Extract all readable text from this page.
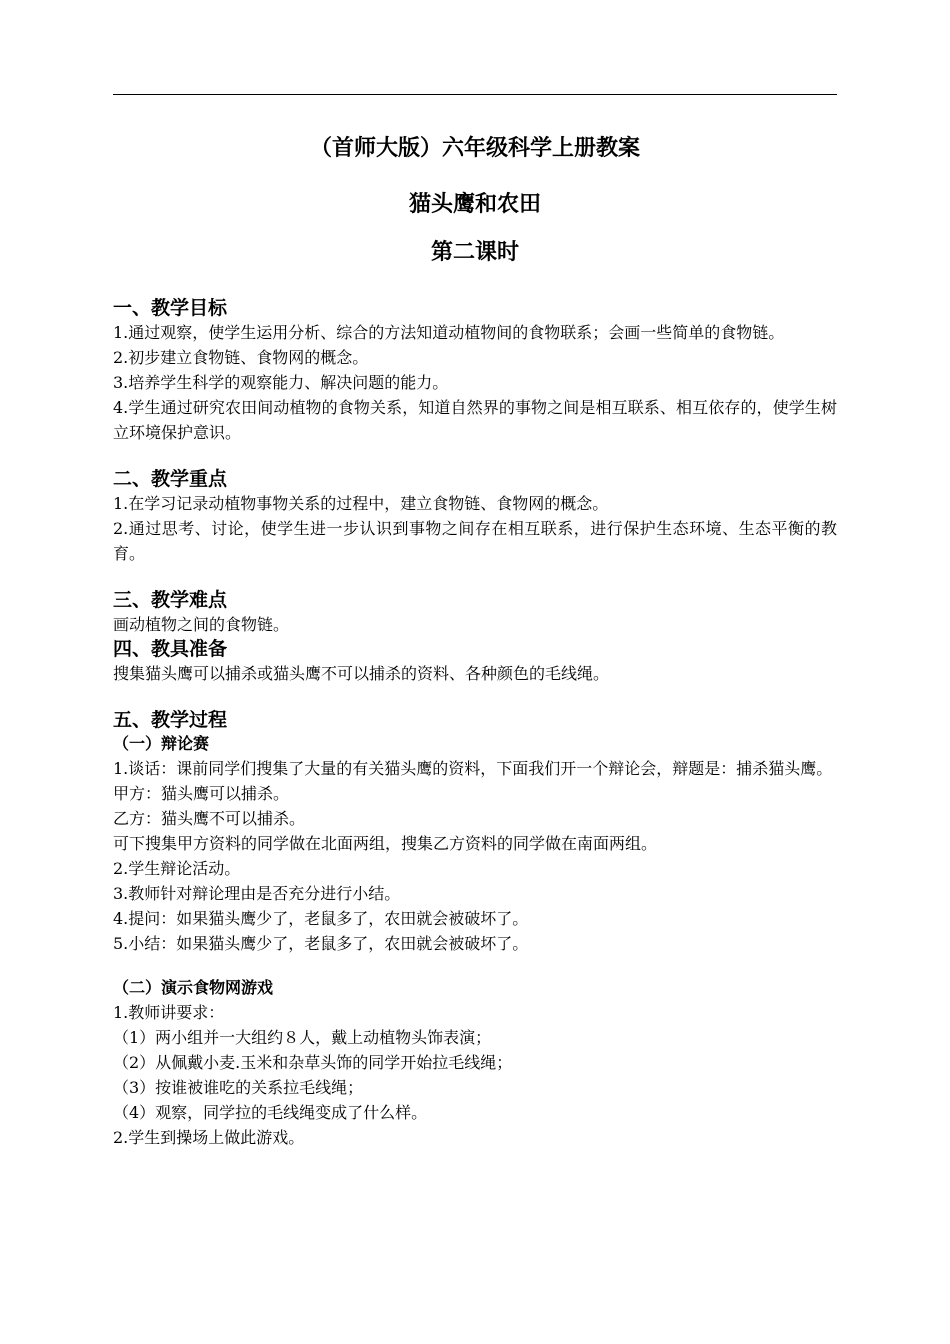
（首师大版）六年级科学上册教案
猫头鹰和农田
第二课时
一、教学目标

1.通过观察，使学生运用分析、综合的方法知道动植物间的食物联系；会画一些简单的食物链。

2.初步建立食物链、食物网的概念。

3.培养学生科学的观察能力、解决问题的能力。

4.学生通过研究农田间动植物的食物关系，知道自然界的事物之间是相互联系、相互依存的，使学生树立环境保护意识。

二、教学重点

1.在学习记录动植物事物关系的过程中，建立食物链、食物网的概念。

2.通过思考、讨论，使学生进一步认识到事物之间存在相互联系，进行保护生态环境、生态平衡的教育。

三、教学难点

画动植物之间的食物链。

四、教具准备

搜集猫头鹰可以捕杀或猫头鹰不可以捕杀的资料、各种颜色的毛线绳。

五、教学过程
（一）辩论赛

1.谈话：课前同学们搜集了大量的有关猫头鹰的资料，下面我们开一个辩论会，辩题是：捕杀猫头鹰。

甲方：猫头鹰可以捕杀。

乙方：猫头鹰不可以捕杀。

可下搜集甲方资料的同学做在北面两组，搜集乙方资料的同学做在南面两组。

2.学生辩论活动。

3.教师针对辩论理由是否充分进行小结。

4.提问：如果猫头鹰少了，老鼠多了，农田就会被破坏了。

5.小结：如果猫头鹰少了，老鼠多了，农田就会被破坏了。

（二）演示食物网游戏

1.教师讲要求：

（1）两小组并一大组约８人，戴上动植物头饰表演；

（2）从佩戴小麦.玉米和杂草头饰的同学开始拉毛线绳；

（3）按谁被谁吃的关系拉毛线绳；

（4）观察，同学拉的毛线绳变成了什么样。

2.学生到操场上做此游戏。
